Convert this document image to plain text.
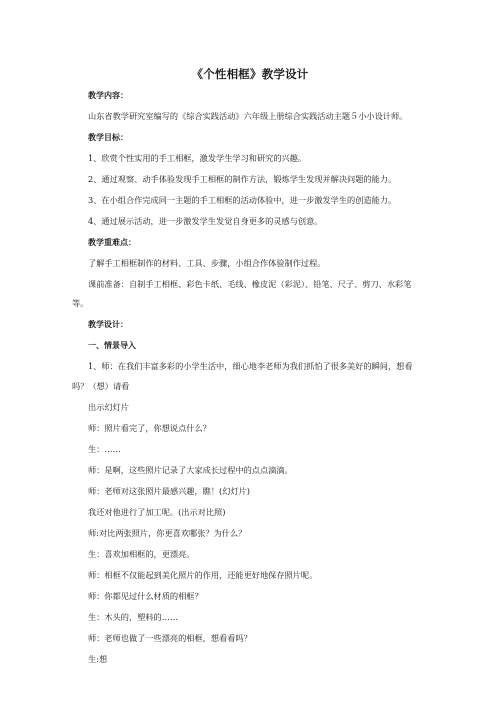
《个性相框》教学设计
教学内容：
山东省教学研究室编写的《综合实践活动》六年级上册综合实践活动主题５小小设计师。
教学目标：
1、欣赏个性实用的手工相框，激发学生学习和研究的兴趣。
2、通过观察、动手体验发现手工相框的制作方法，锻炼学生发现并解决问题的能力。
3、在小组合作完成同一主题的手工相框的活动体验中，进一步激发学生的创造能力。
4、通过展示活动，进一步激发学生发觉自身更多的灵感与创意。
教学重难点：
了解手工相框制作的材料、工具、步骤，小组合作体验制作过程。
课前准备：自制手工相框、彩色卡纸、毛线、橡皮泥（彩泥）、铅笔、尺子、剪刀、水彩笔
等。
教学设计：
一、情景导入
1、师：在我们丰富多彩的小学生活中，细心地李老师为我们抓怕了很多美好的瞬间，想看
吗？（想）请看
出示幻灯片
师：照片看完了，你想说点什么？
生：……
师：是啊，这些照片记录了大家成长过程中的点点滴滴。
师：老师对这张照片最感兴趣，瞧！(幻灯片)
我还对他进行了加工呢。(出示对比照)
师:对比两张照片，你更喜欢哪张？为什么？
生：喜欢加相框的，更漂亮。
师：相框不仅能起到美化照片的作用，还能更好地保存照片呢。
师：你都见过什么材质的相框？
生：木头的，塑料的……
师：老师也做了一些漂亮的相框，想看看吗？
生:想
